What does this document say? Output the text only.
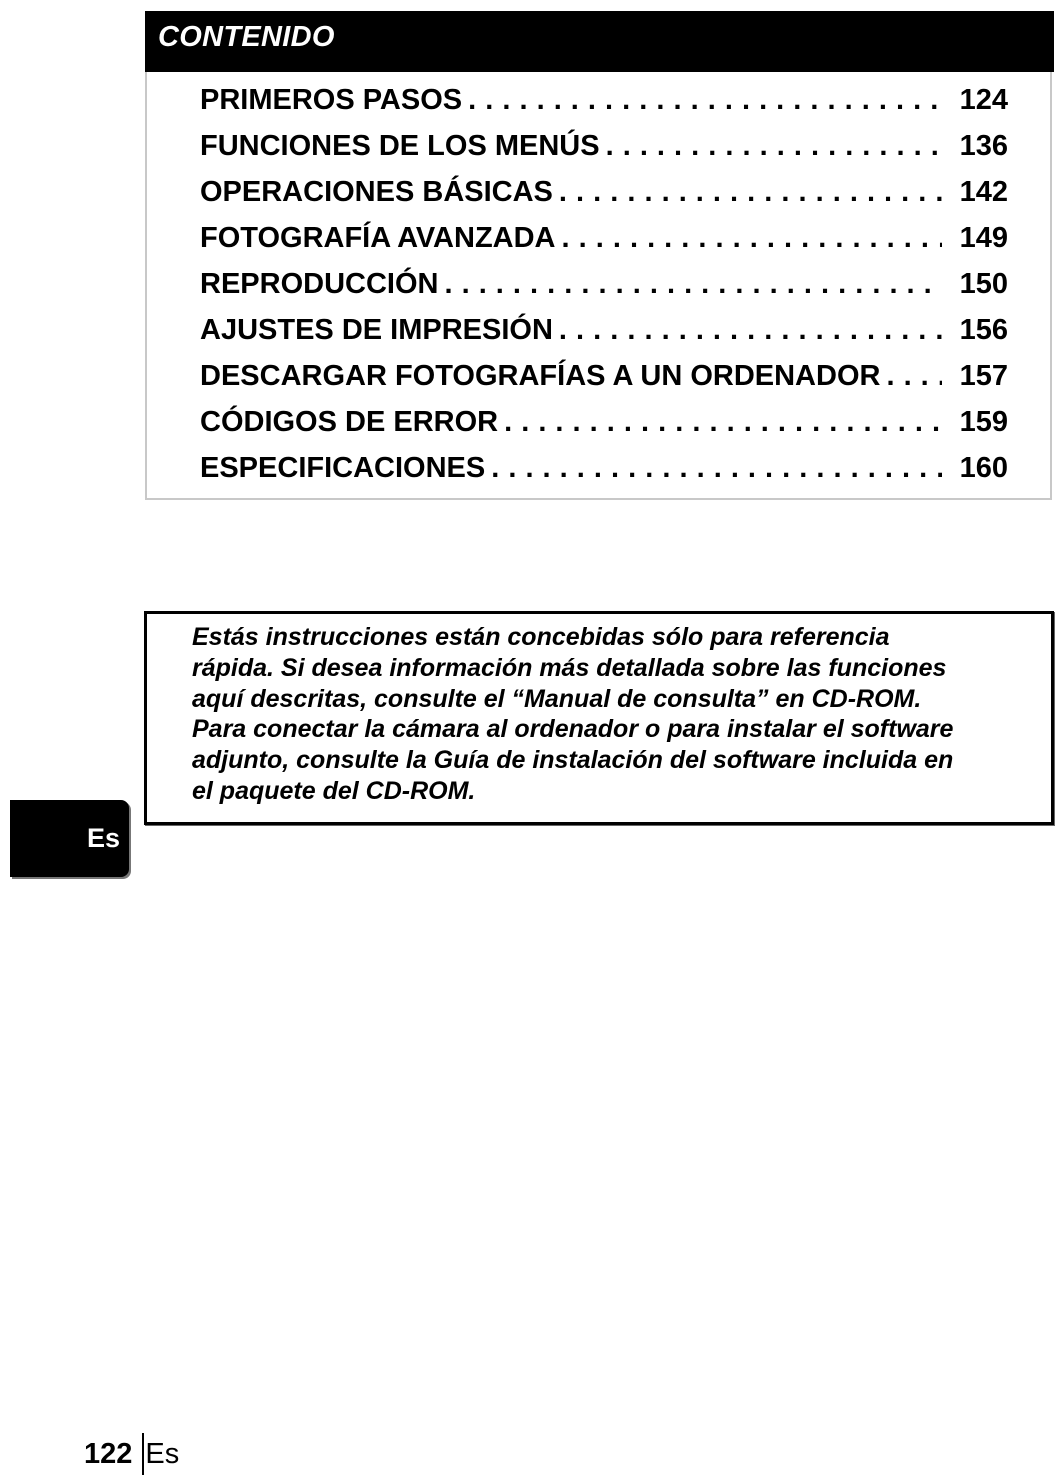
CONTENIDO
PRIMEROS PASOS . . .	124
FUNCIONES DE LOS MENÚS . . .	136
OPERACIONES BÁSICAS . . .	142
FOTOGRAFÍA AVANZADA . . .	149
REPRODUCCIÓN . . .	150
AJUSTES DE IMPRESIÓN . . .	156
DESCARGAR FOTOGRAFÍAS A UN ORDENADOR . . .	157
CÓDIGOS DE ERROR . . .	159
ESPECIFICACIONES . . .	160

Estás instrucciones están concebidas sólo para referencia
rápida. Si desea información más detallada sobre las funciones
aquí descritas, consulte el “Manual de consulta” en CD-ROM.
Para conectar la cámara al ordenador o para instalar el software
adjunto, consulte la Guía de instalación del software incluida en
el paquete del CD-ROM.

Es
122 Es
